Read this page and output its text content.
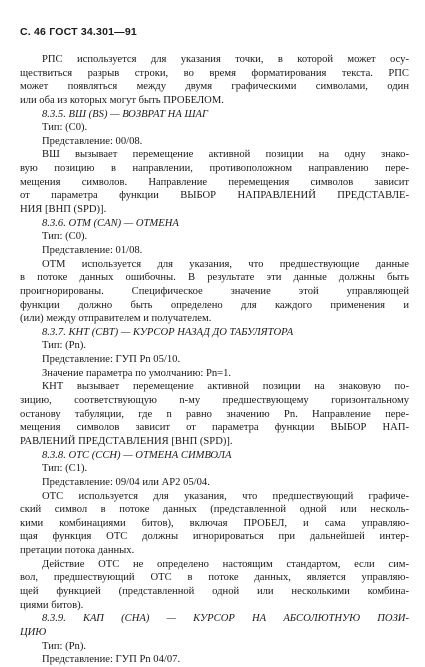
С. 46 ГОСТ 34.301—91
РПС используется для указания точки, в которой может осу-
ществиться разрыв строки, во время форматирования текста. РПС
может появляться между двумя графическими символами, один
или оба из которых могут быть ПРОБЕЛОМ.
8.3.5. ВШ (BS) — ВОЗВРАТ НА ШАГ
Тип: (С0).
Представление: 00/08.
ВШ вызывает перемещение активной позиции на одну знако-
вую позицию в направлении, противоположном направлению пере-
мещения символов. Направление перемещения символов зависит
от параметра функции ВЫБОР НАПРАВЛЕНИЙ ПРЕДСТАВЛЕ-
НИЯ [ВНП (SPD)].
8.3.6. ОТМ (CAN) — ОТМЕНА
Тип: (С0).
Представление: 01/08.
ОТМ используется для указания, что предшествующие данные
в потоке данных ошибочны. В результате эти данные должны быть
проигнорированы. Специфическое значение этой управляющей
функции должно быть определено для каждого применения и
(или) между отправителем и получателем.
8.3.7. КНТ (CBT) — КУРСОР НАЗАД ДО ТАБУЛЯТОРА
Тип: (Pn).
Представление: ГУП Pn 05/10.
Значение параметра по умолчанию: Pn=1.
КНТ вызывает перемещение активной позиции на знаковую по-
зицию, соответствующую n-му предшествующему горизонтальному
останову табуляции, где n равно значению Pn. Направление пере-
мещения символов зависит от параметра функции ВЫБОР НАП-
РАВЛЕНИЙ ПРЕДСТАВЛЕНИЯ [ВНП (SPD)].
8.3.8. ОТС (CCH) — ОТМЕНА СИМВОЛА
Тип: (С1).
Представление: 09/04 или АР2 05/04.
ОТС используется для указания, что предшествующий графиче-
ский символ в потоке данных (представленной одной или несколь-
кими комбинациями битов), включая ПРОБЕЛ, и сама управляю-
щая функция ОТС должны игнорироваться при дальнейшей интер-
претации потока данных.
Действие ОТС не определено настоящим стандартом, если сим-
вол, предшествующий ОТС в потоке данных, является управляю-
щей функцией (представленной одной или несколькими комбина-
циями битов).
8.3.9. КАП (CHA) — КУРСОР НА АБСОЛЮТНУЮ ПОЗИ-
ЦИЮ
Тип: (Pn).
Представление: ГУП Pn 04/07.
